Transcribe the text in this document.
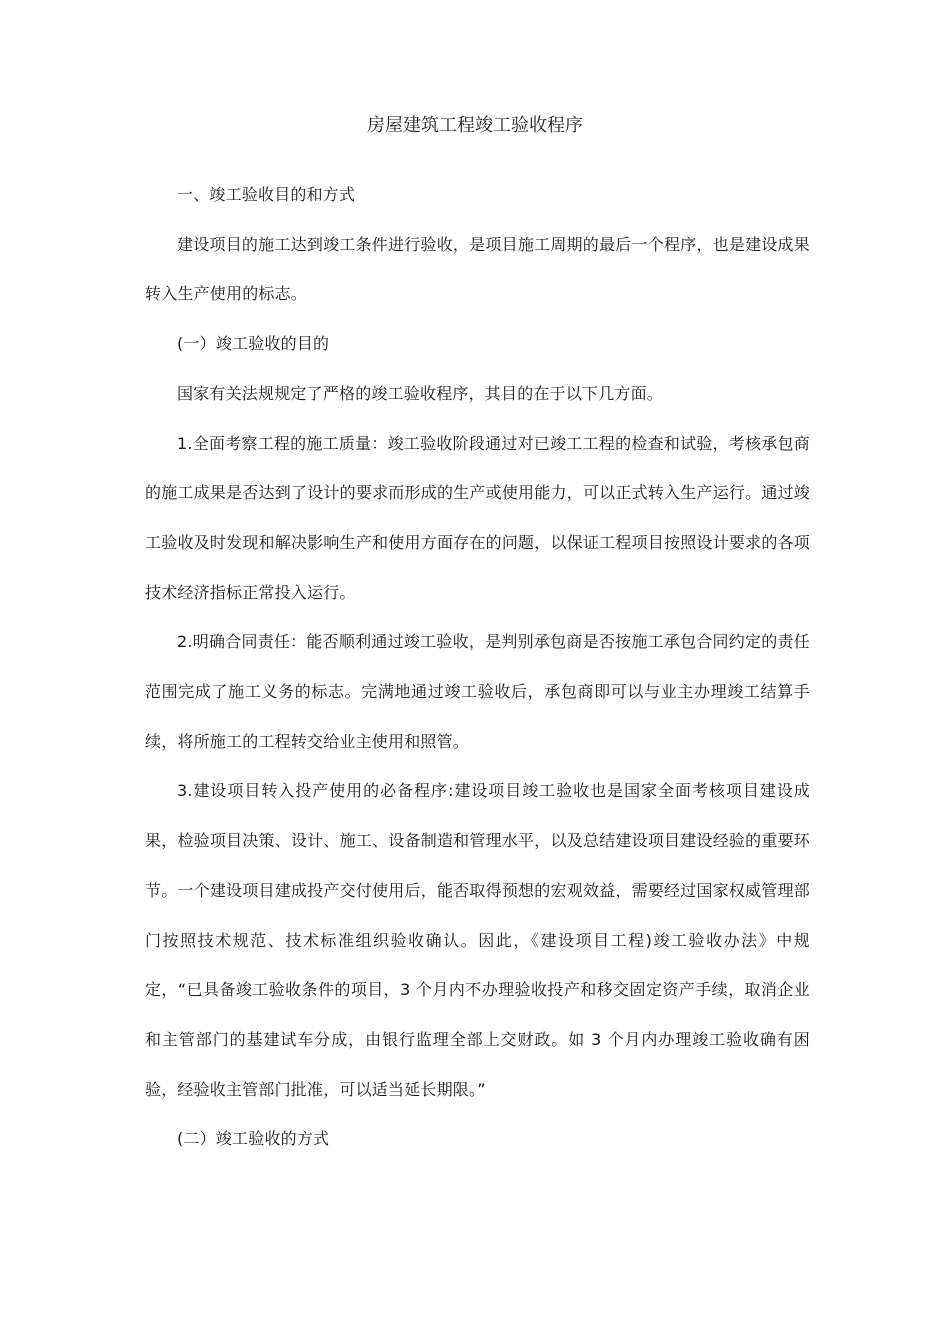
房屋建筑工程竣工验收程序

一、竣工验收目的和方式

建设项目的施工达到竣工条件进行验收，是项目施工周期的最后一个程序，也是建设成果转入生产使用的标志。

(一）竣工验收的目的

国家有关法规规定了严格的竣工验收程序，其目的在于以下几方面。

1.全面考察工程的施工质量：竣工验收阶段通过对已竣工工程的检查和试验，考核承包商的施工成果是否达到了设计的要求而形成的生产或使用能力，可以正式转入生产运行。通过竣工验收及时发现和解决影响生产和使用方面存在的问题，以保证工程项目按照设计要求的各项技术经济指标正常投入运行。

2.明确合同责任：能否顺利通过竣工验收，是判别承包商是否按施工承包合同约定的责任范围完成了施工义务的标志。完满地通过竣工验收后，承包商即可以与业主办理竣工结算手续，将所施工的工程转交给业主使用和照管。

3.建设项目转入投产使用的必备程序:建设项目竣工验收也是国家全面考核项目建设成果，检验项目决策、设计、施工、设备制造和管理水平，以及总结建设项目建设经验的重要环节。一个建设项目建成投产交付使用后，能否取得预想的宏观效益，需要经过国家权威管理部门按照技术规范、技术标准组织验收确认。因此，《建设项目工程)竣工验收办法》中规定，“已具备竣工验收条件的项目，3 个月内不办理验收投产和移交固定资产手续，取消企业和主管部门的基建试车分成，由银行监理全部上交财政。如 3 个月内办理竣工验收确有困验，经验收主管部门批准，可以适当延长期限。”

(二）竣工验收的方式
